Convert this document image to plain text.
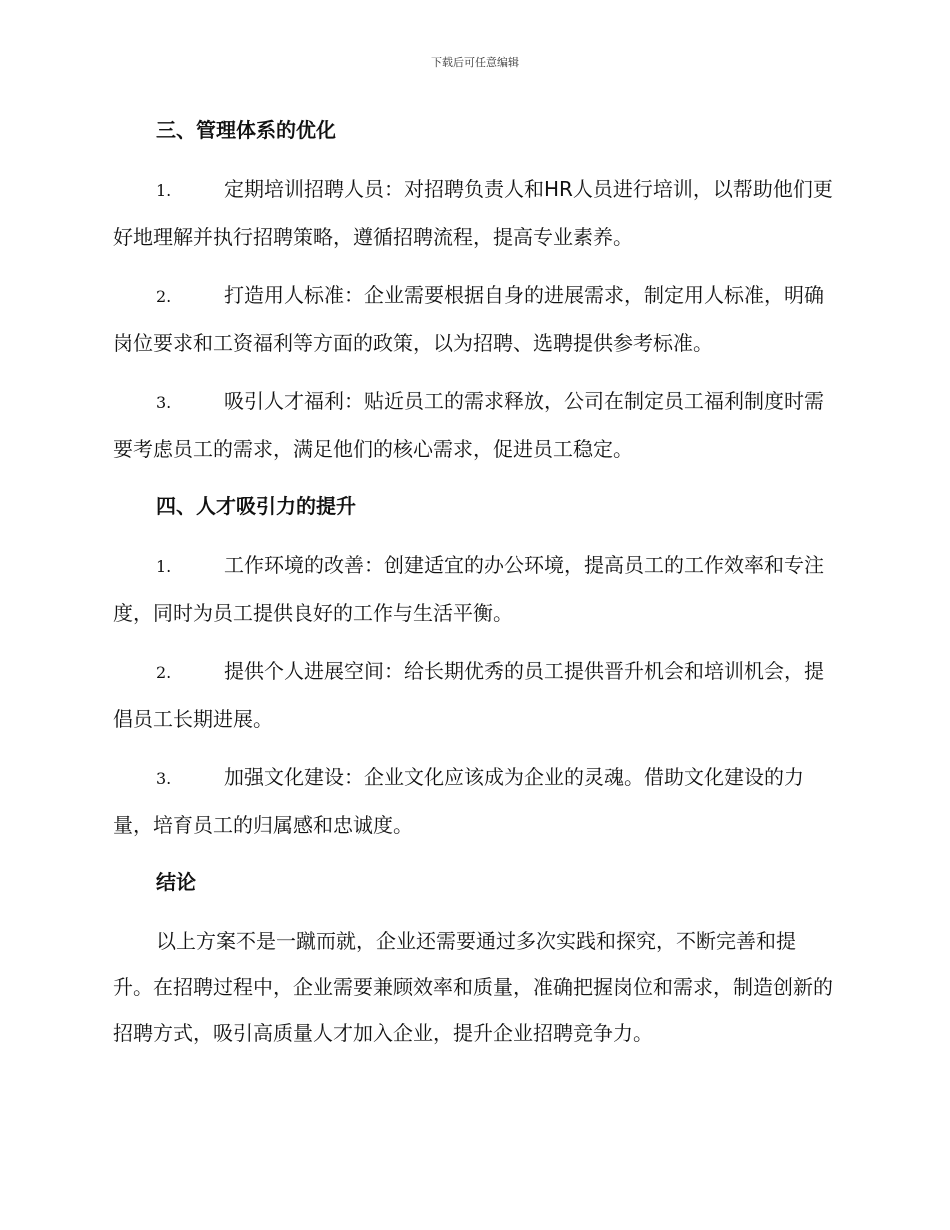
下载后可任意编辑
三、管理体系的优化

1.	定期培训招聘人员：对招聘负责人和HR人员进行培训，以帮助他们更好地理解并执行招聘策略，遵循招聘流程，提高专业素养。

2.	打造用人标准：企业需要根据自身的进展需求，制定用人标准，明确岗位要求和工资福利等方面的政策，以为招聘、选聘提供参考标准。

3.	吸引人才福利：贴近员工的需求释放，公司在制定员工福利制度时需要考虑员工的需求，满足他们的核心需求，促进员工稳定。

四、人才吸引力的提升

1.	工作环境的改善：创建适宜的办公环境，提高员工的工作效率和专注度，同时为员工提供良好的工作与生活平衡。

2.	提供个人进展空间：给长期优秀的员工提供晋升机会和培训机会，提倡员工长期进展。

3.	加强文化建设：企业文化应该成为企业的灵魂。借助文化建设的力量，培育员工的归属感和忠诚度。

结论

以上方案不是一蹴而就，企业还需要通过多次实践和探究，不断完善和提升。在招聘过程中，企业需要兼顾效率和质量，准确把握岗位和需求，制造创新的招聘方式，吸引高质量人才加入企业，提升企业招聘竞争力。
